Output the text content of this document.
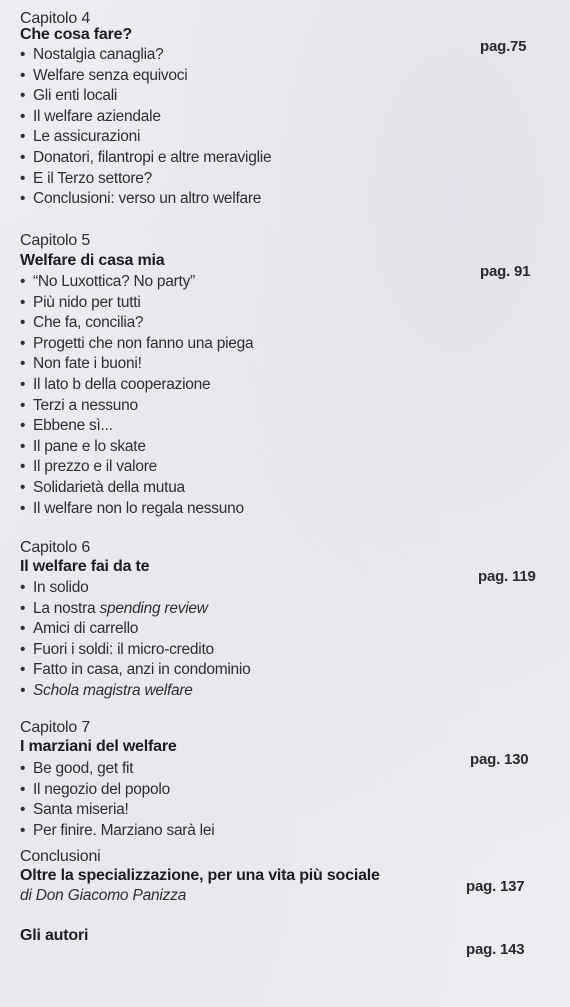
Capitolo 4
Che cosa fare?
pag.75
• Nostalgia canaglia?
• Welfare senza equivoci
• Gli enti locali
• Il welfare aziendale
• Le assicurazioni
• Donatori, filantropi e altre meraviglie
• E il Terzo settore?
• Conclusioni: verso un altro welfare
Capitolo 5
Welfare di casa mia
pag. 91
• “No Luxottica? No party”
• Più nido per tutti
• Che fa, concilia?
• Progetti che non fanno una piega
• Non fate i buoni!
• Il lato b della cooperazione
• Terzi a nessuno
• Ebbene sì...
• Il pane e lo skate
• Il prezzo e il valore
• Solidarietà della mutua
• Il welfare non lo regala nessuno
Capitolo 6
Il welfare fai da te
pag. 119
• In solido
• La nostra spending review
• Amici di carrello
• Fuori i soldi: il micro-credito
• Fatto in casa, anzi in condominio
• Schola magistra welfare
Capitolo 7
I marziani del welfare
pag. 130
• Be good, get fit
• Il negozio del popolo
• Santa miseria!
• Per finire. Marziano sarà lei
Conclusioni
Oltre la specializzazione, per una vita più sociale
di Don Giacomo Panizza
pag. 137
Gli autori
pag. 143
